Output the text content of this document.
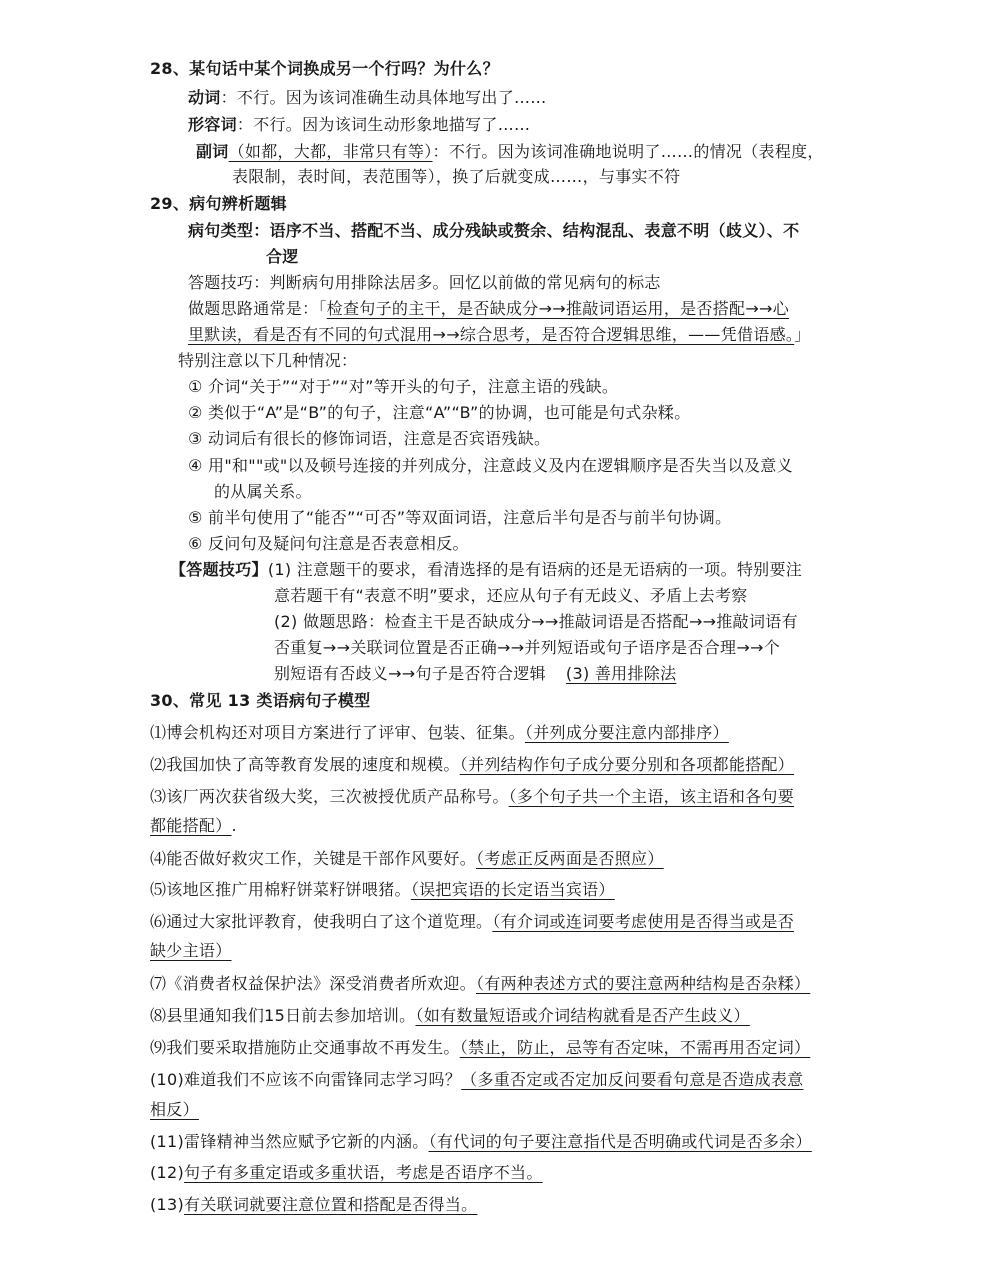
28、某句话中某个词换成另一个行吗？为什么？
动词：不行。因为该词准确生动具体地写出了……
形容词：不行。因为该词生动形象地描写了……
副词（如都，大都，非常只有等）：不行。因为该词准确地说明了……的情况（表程度，
表限制，表时间，表范围等），换了后就变成……，与事实不符
29、病句辨析题辑
病句类型：语序不当、搭配不当、成分残缺或赘余、结构混乱、表意不明（歧义）、不
合逻
答题技巧：判断病句用排除法居多。回忆以前做的常见病句的标志
做题思路通常是：「检查句子的主干，是否缺成分→→推敲词语运用，是否搭配→→心
里默读，看是否有不同的句式混用→→综合思考，是否符合逻辑思维，——凭借语感。」
特别注意以下几种情况：
① 介词“关于”“对于”“对”等开头的句子，注意主语的残缺。
② 类似于“A”是“B”的句子，注意“A”“B”的协调，也可能是句式杂糅。
③ 动词后有很长的修饰词语，注意是否宾语残缺。
④ 用"和""或"以及顿号连接的并列成分，注意歧义及内在逻辑顺序是否失当以及意义
的从属关系。
⑤ 前半句使用了“能否”“可否”等双面词语，注意后半句是否与前半句协调。
⑥ 反问句及疑问句注意是否表意相反。
【答题技巧】(1) 注意题干的要求，看清选择的是有语病的还是无语病的一项。特别要注
意若题干有“表意不明”要求，还应从句子有无歧义、矛盾上去考察
(2) 做题思路：检查主干是否缺成分→→推敲词语是否搭配→→推敲词语有
否重复→→关联词位置是否正确→→并列短语或句子语序是否合理→→个
别短语有否歧义→→句子是否符合逻辑 (3) 善用排除法
30、常见 13 类语病句子模型
⑴博会机构还对项目方案进行了评审、包装、征集。（并列成分要注意内部排序）
⑵我国加快了高等教育发展的速度和规模。（并列结构作句子成分要分别和各项都能搭配）
⑶该厂两次获省级大奖，三次被授优质产品称号。（多个句子共一个主语，该主语和各句要
都能搭配）.
⑷能否做好救灾工作，关键是干部作风要好。（考虑正反两面是否照应）
⑸该地区推广用棉籽饼菜籽饼喂猪。（误把宾语的长定语当宾语）
⑹通过大家批评教育，使我明白了这个道览理。（有介词或连词要考虑使用是否得当或是否
缺少主语）
⑺《消费者权益保护法》深受消费者所欢迎。（有两种表述方式的要注意两种结构是否杂糅）
⑻县里通知我们15日前去参加培训。（如有数量短语或介词结构就看是否产生歧义）
⑼我们要采取措施防止交通事故不再发生。（禁止，防止，忌等有否定味，不需再用否定词）
(10)难道我们不应该不向雷锋同志学习吗？（多重否定或否定加反问要看句意是否造成表意
相反）
(11)雷锋精神当然应赋予它新的内涵。（有代词的句子要注意指代是否明确或代词是否多余）
(12)句子有多重定语或多重状语，考虑是否语序不当。
(13)有关联词就要注意位置和搭配是否得当。
